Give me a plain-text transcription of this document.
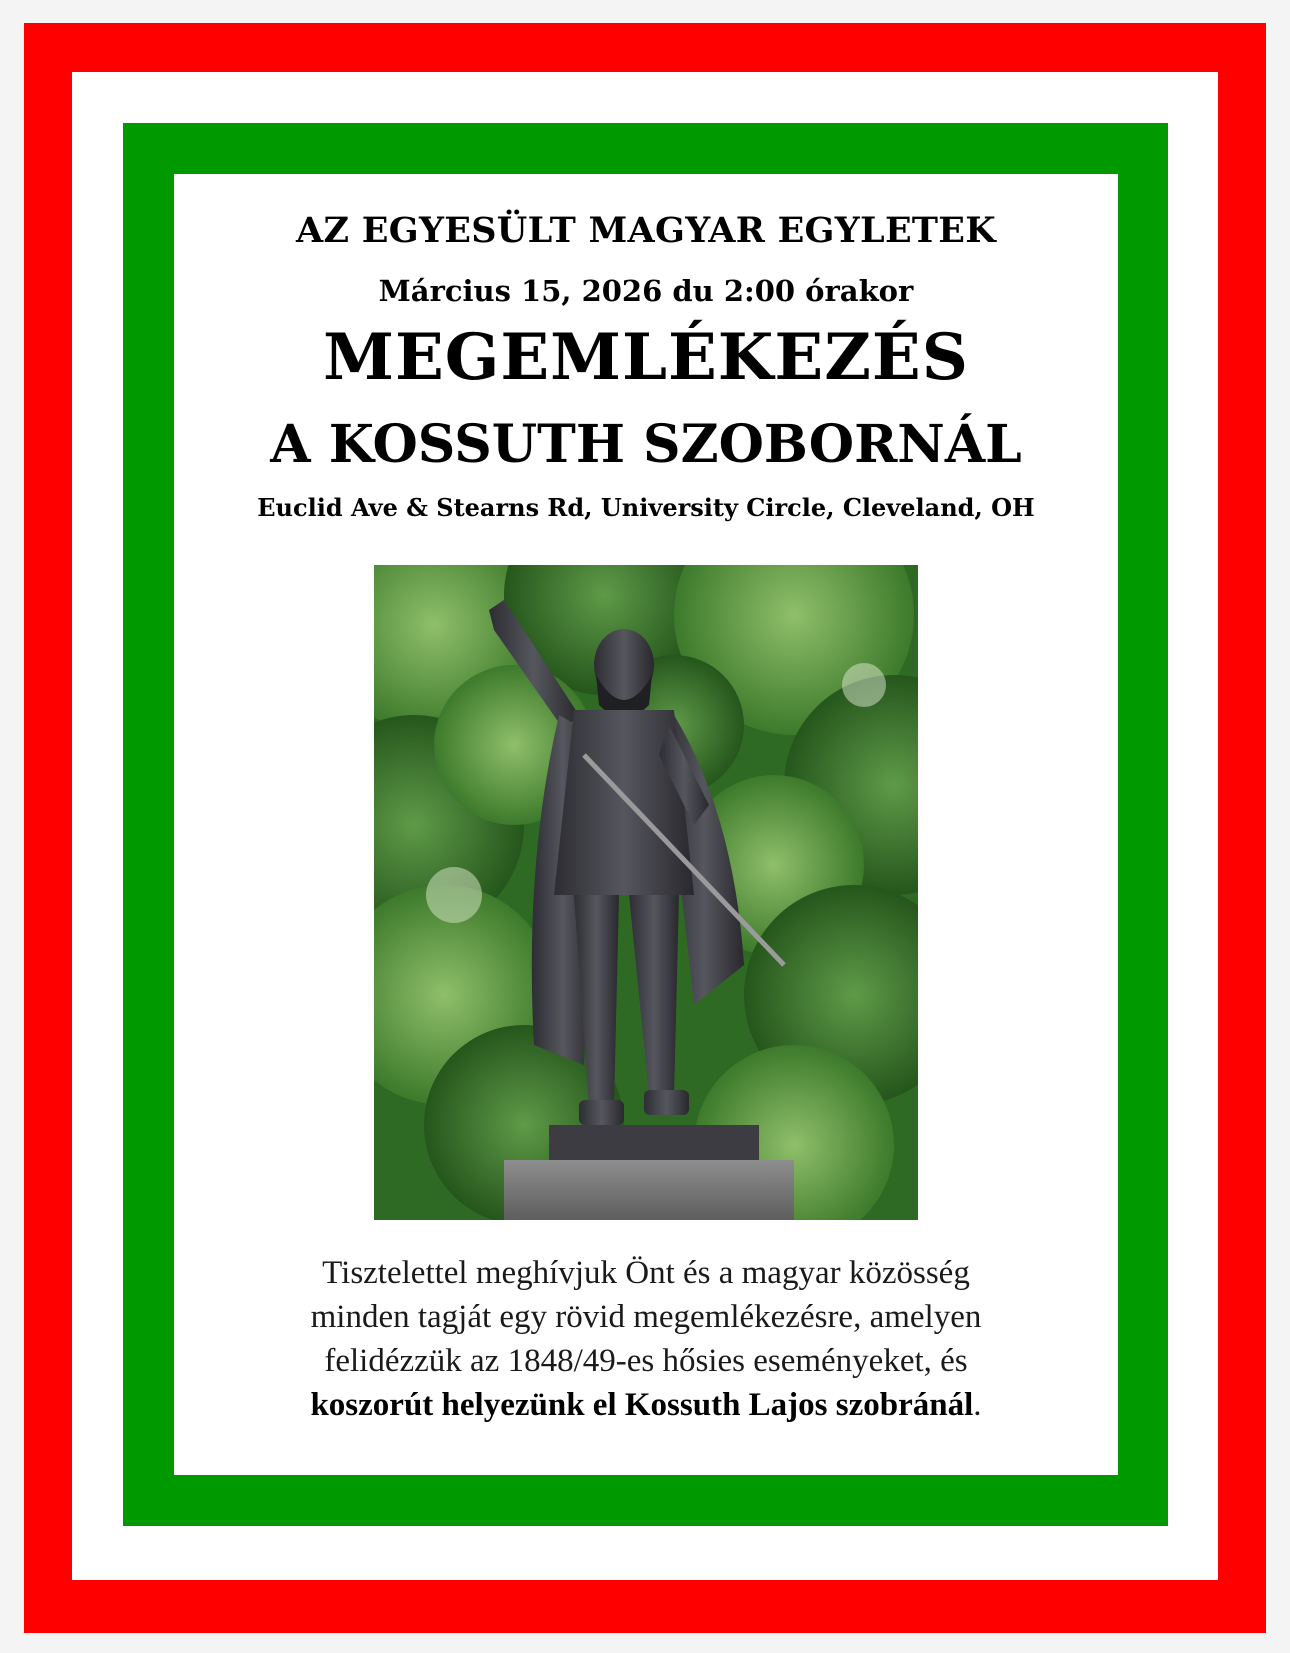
AZ EGYESÜLT MAGYAR EGYLETEK
Március 15, 2026 du 2:00 órakor
MEGEMLÉKEZÉS
A KOSSUTH SZOBORNÁL
Euclid Ave & Stearns Rd, University Circle, Cleveland, OH
Tisztelettel meghívjuk Önt és a magyar közösség
minden tagját egy rövid megemlékezésre, amelyen
felidézzük az 1848/49-es hősies eseményeket, és
koszorút helyezünk el Kossuth Lajos szobránál.
